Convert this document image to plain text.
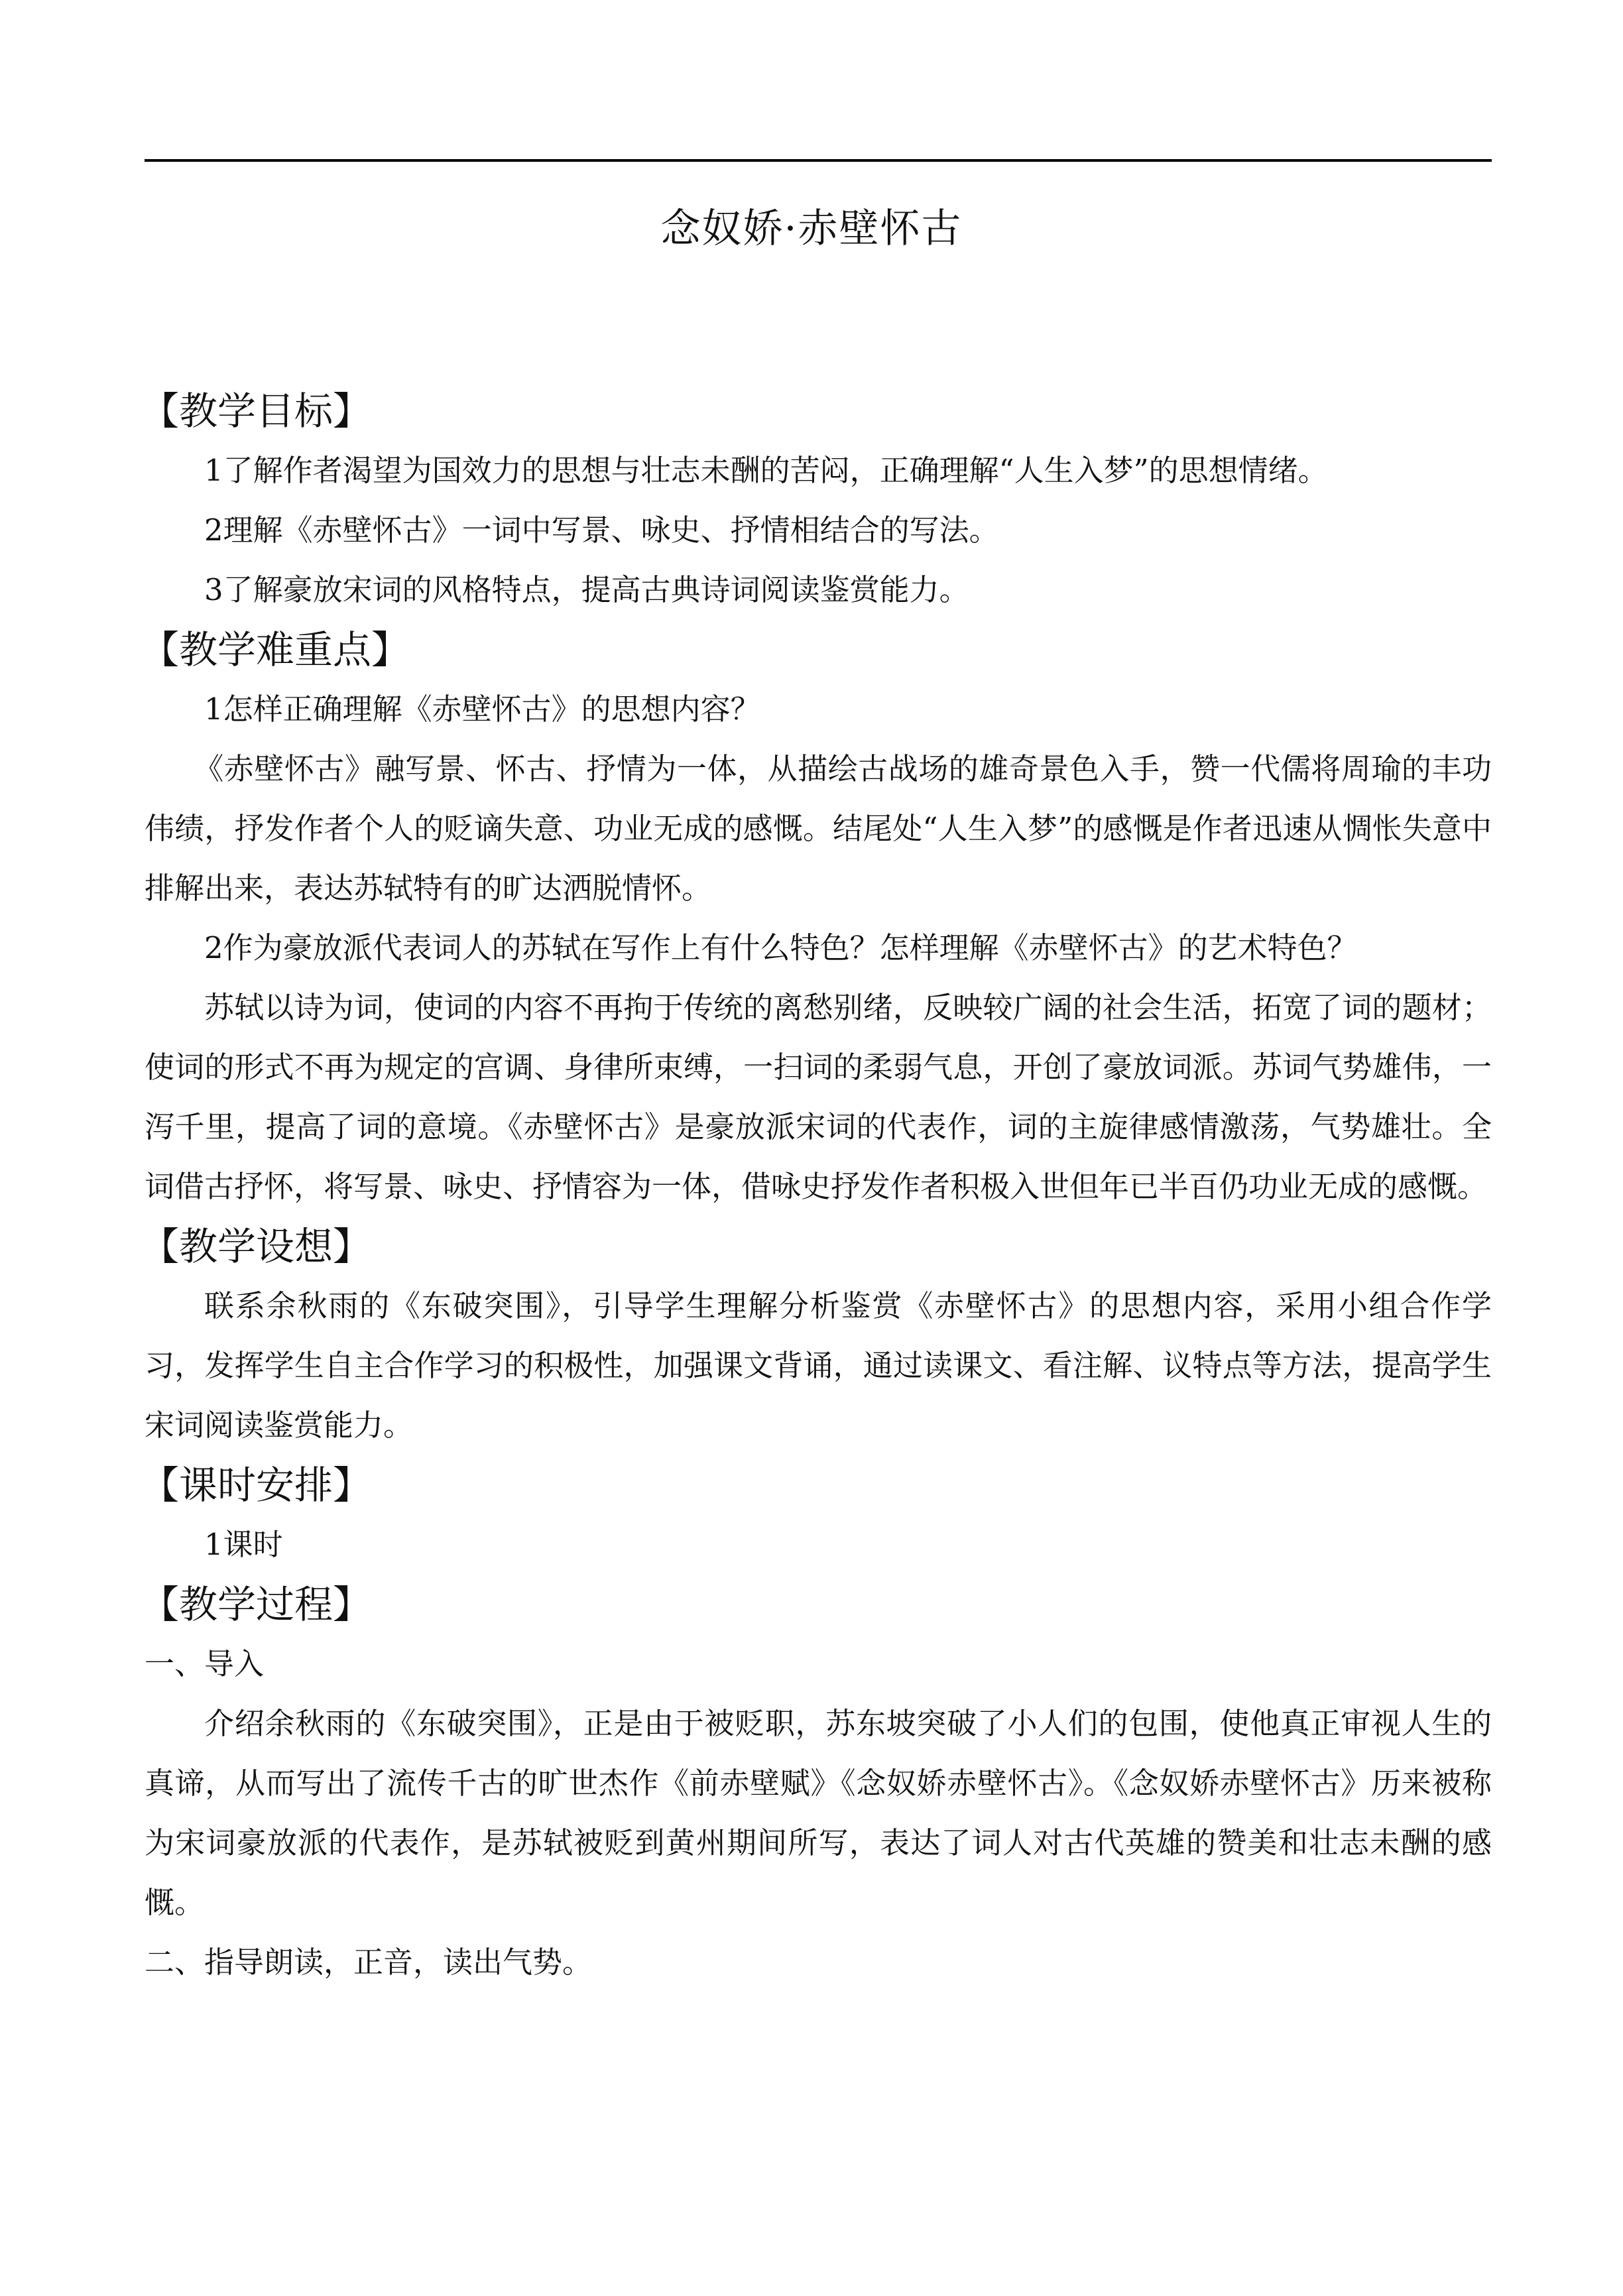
念奴娇·赤壁怀古
【教学目标】

1了解作者渴望为国效力的思想与壮志未酬的苦闷，正确理解“人生入梦”的思想情绪。

2理解《赤壁怀古》一词中写景、咏史、抒情相结合的写法。

3了解豪放宋词的风格特点，提高古典诗词阅读鉴赏能力。

【教学难重点】

1怎样正确理解《赤壁怀古》的思想内容？

《赤壁怀古》融写景、怀古、抒情为一体，从描绘古战场的雄奇景色入手，赞一代儒将周瑜的丰功伟绩，抒发作者个人的贬谪失意、功业无成的感慨。结尾处“人生入梦”的感慨是作者迅速从惆怅失意中排解出来，表达苏轼特有的旷达洒脱情怀。

2作为豪放派代表词人的苏轼在写作上有什么特色？怎样理解《赤壁怀古》的艺术特色？

苏轼以诗为词，使词的内容不再拘于传统的离愁别绪，反映较广阔的社会生活，拓宽了词的题材；使词的形式不再为规定的宫调、身律所束缚，一扫词的柔弱气息，开创了豪放词派。苏词气势雄伟，一泻千里，提高了词的意境。《赤壁怀古》是豪放派宋词的代表作，词的主旋律感情激荡，气势雄壮。全词借古抒怀，将写景、咏史、抒情容为一体，借咏史抒发作者积极入世但年已半百仍功业无成的感慨。

【教学设想】

联系余秋雨的《东破突围》，引导学生理解分析鉴赏《赤壁怀古》的思想内容，采用小组合作学习，发挥学生自主合作学习的积极性，加强课文背诵，通过读课文、看注解、议特点等方法，提高学生宋词阅读鉴赏能力。

【课时安排】

1课时

【教学过程】

一、导入

介绍余秋雨的《东破突围》，正是由于被贬职，苏东坡突破了小人们的包围，使他真正审视人生的真谛，从而写出了流传千古的旷世杰作《前赤壁赋》《念奴娇赤壁怀古》。《念奴娇赤壁怀古》历来被称为宋词豪放派的代表作，是苏轼被贬到黄州期间所写，表达了词人对古代英雄的赞美和壮志未酬的感慨。

二、指导朗读，正音，读出气势。
